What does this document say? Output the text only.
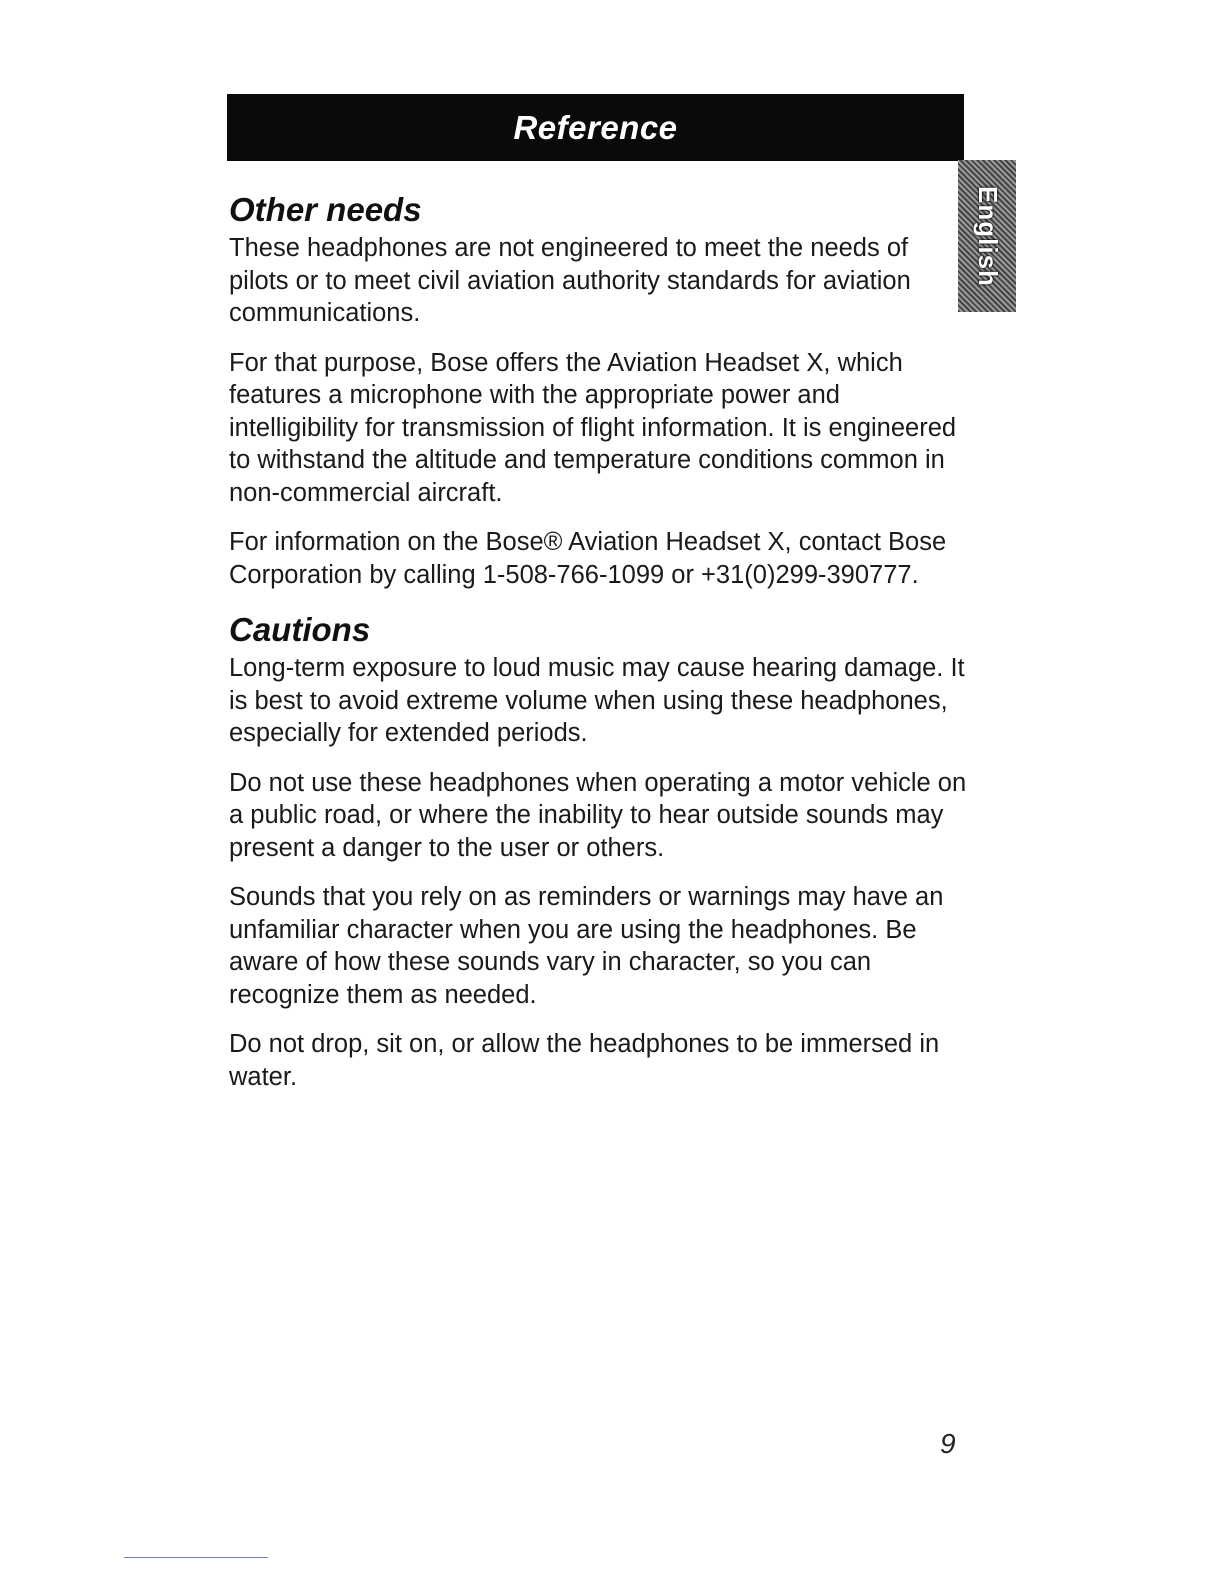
Reference
English
Other needs

These headphones are not engineered to meet the needs of pilots or to meet civil aviation authority standards for aviation communications.

For that purpose, Bose offers the Aviation Headset X, which features a microphone with the appropriate power and intelligibility for transmission of flight information. It is engineered to withstand the altitude and temperature conditions common in non-commercial aircraft.

For information on the Bose® Aviation Headset X, contact Bose Corporation by calling 1-508-766-1099 or +31(0)299-390777.

Cautions

Long-term exposure to loud music may cause hearing damage. It is best to avoid extreme volume when using these headphones, especially for extended periods.

Do not use these headphones when operating a motor vehicle on a public road, or where the inability to hear outside sounds may present a danger to the user or others.

Sounds that you rely on as reminders or warnings may have an unfamiliar character when you are using the headphones. Be aware of how these sounds vary in character, so you can recognize them as needed.

Do not drop, sit on, or allow the headphones to be immersed in water.

9
